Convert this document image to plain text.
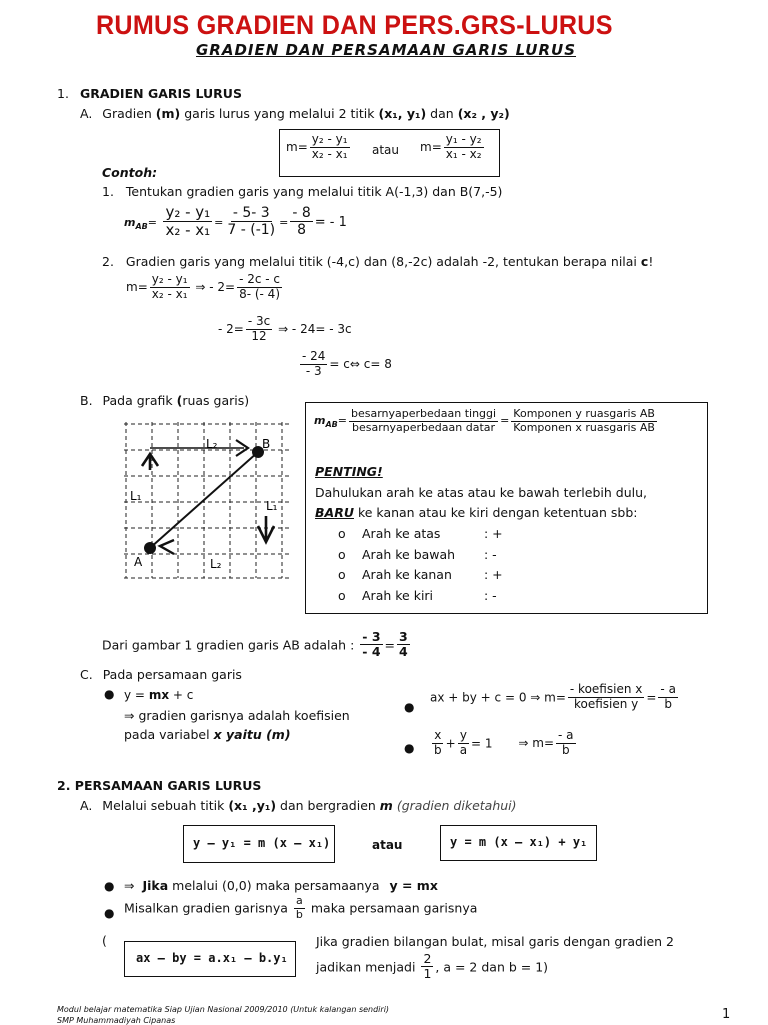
RUMUS GRADIEN DAN PERS.GRS-LURUS
GRADIEN DAN PERSAMAAN GARIS LURUS
1. GRADIEN GARIS LURUS
A. Gradien (m) garis lurus yang melalui 2 titik (x₁, y₁) dan (x₂ , y₂)
$m= \frac{\text{y₂ - y₁}}{\text{x₂ - x₁}}$ atau $m= \frac{\text{y₁ - y₂}}{\text{x₁ - x₂}}$
Contoh:
1. Tentukan gradien garis yang melalui titik A(-1,3) dan B(7,-5)
$m_{AB}= \frac{\text{y₂ - y₁}}{\text{x₂ - x₁}} = \frac{- 5- 3}{7 - (-1)} = \frac{- 8}{8}$ = - 1
2. Gradien garis yang melalui titik (-4,c) dan (8,-2c) adalah -2, tentukan berapa nilai c!
$m= \frac{\text{y₂ - y₁}}{\text{x₂ - x₁}}$ ⇒ - $2= \frac{- 2c - c}{8- (- 4)}$
- $2= \frac{- 3c}{12}$ ⇒ - 24= - 3c
$\frac{- 24}{- 3}$ = c⇔ c= 8
B. Pada grafik (ruas garis)
B
A
L₁
L₁
L₂
L₂
$m_{AB}= \frac{\text{besarnyaperbedaan tinggi}}{\text{besarnyaperbedaan datar}} = \frac{\text{Komponen y ruasgaris AB}}{\text{Komponen x ruasgaris AB}}$
PENTING!
Dahulukan arah ke atas atau ke bawah terlebih dulu,
BARU ke kanan atau ke kiri dengan ketentuan sbb:
o Arah ke atas	: +
o Arah ke bawah : -
o Arah ke kanan	: +
o Arah ke kiri	: -
Dari gambar 1 gradien garis AB adalah : $\frac{- 3}{- 4} = \frac{3}{4}$
C. Pada persamaan garis
● y = mx + c
⇒ gradien garisnya adalah koefisien
pada variabel x yaitu (m)
●
ax + by + c = 0 ⇒ $m= \frac{\text{- koefisien x}}{\text{koefisien y}} = \frac{- a}{b}$
● $\frac{x}{b} + \frac{y}{a} = 1$ ⇒ $m= \frac{- a}{b}$
2. PERSAMAAN GARIS LURUS
A. Melalui sebuah titik (x₁ ,y₁) dan bergradien m (gradien diketahui)
y – y₁ = m (x – x₁)	atau	y = m (x – x₁) + y₁
● ⇒ Jika melalui (0,0) maka persamaanya y = mx
● Misalkan gradien garisnya $\frac{a}{b}$ maka persamaan garisnya
(
ax – by = a.x₁ – b.y₁
Jika gradien bilangan bulat, misal garis dengan gradien 2
jadikan menjadi $\frac{2}{1}$ , a = 2 dan b = 1)
Modul belajar matematika Siap Ujian Nasional 2009/2010 (Untuk kalangan sendiri)
SMP Muhammadiyah Cipanas	1
